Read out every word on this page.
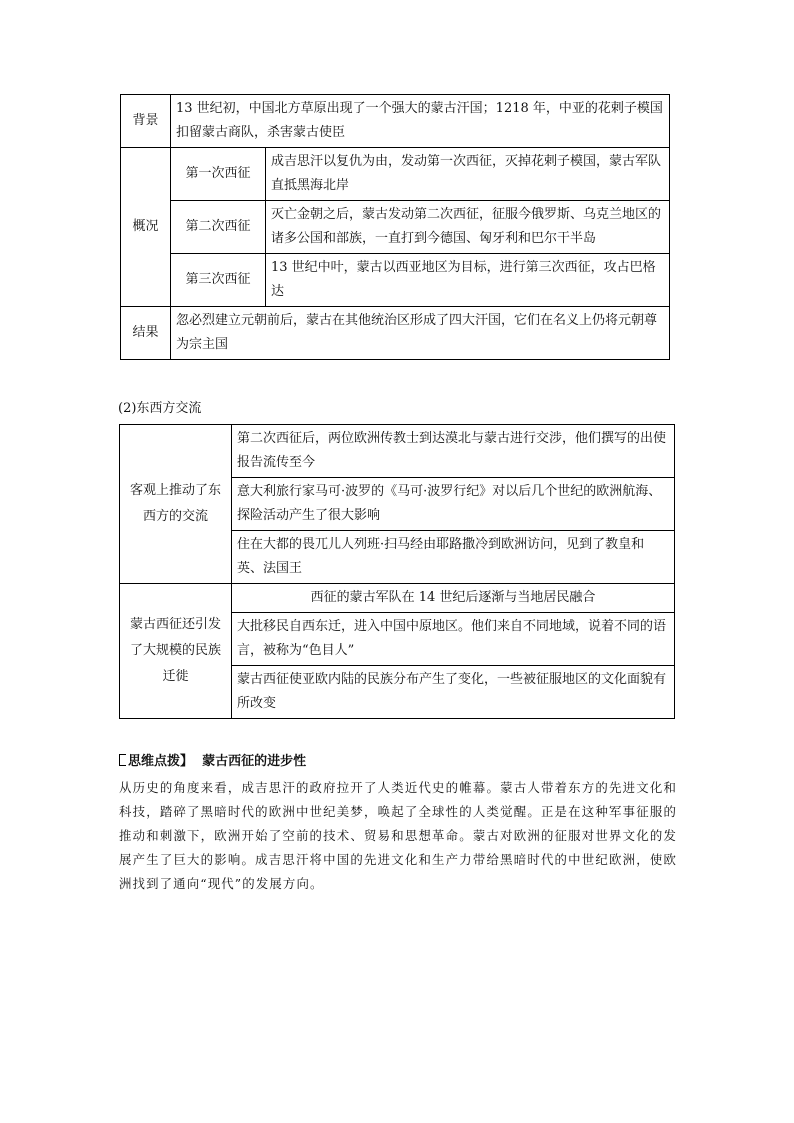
背景	13 世纪初，中国北方草原出现了一个强大的蒙古汗国；1218 年，中亚的花剌子模国扣留蒙古商队，杀害蒙古使臣	
概况	第一次西征	成吉思汗以复仇为由，发动第一次西征，灭掉花剌子模国，蒙古军队直抵黑海北岸
	第二次西征	灭亡金朝之后，蒙古发动第二次西征，征服今俄罗斯、乌克兰地区的诸多公国和部族，一直打到今德国、匈牙利和巴尔干半岛
	第三次西征	13 世纪中叶，蒙古以西亚地区为目标，进行第三次西征，攻占巴格达
结果	忽必烈建立元朝前后，蒙古在其他统治区形成了四大汗国，它们在名义上仍将元朝尊为宗主国	
(2)东西方交流
客观上推动了东西方的交流	第二次西征后，两位欧洲传教士到达漠北与蒙古进行交涉，他们撰写的出使报告流传至今
	意大利旅行家马可·波罗的《马可·波罗行纪》对以后几个世纪的欧洲航海、探险活动产生了很大影响
	住在大都的畏兀儿人列班·扫马经由耶路撒冷到欧洲访问，见到了教皇和英、法国王
蒙古西征还引发了大规模的民族迁徙	西征的蒙古军队在 14 世纪后逐渐与当地居民融合
	大批移民自西东迁，进入中国中原地区。他们来自不同地域，说着不同的语言，被称为“色目人”
	蒙古西征使亚欧内陆的民族分布产生了变化，一些被征服地区的文化面貌有所改变
思维点拨】 蒙古西征的进步性
从历史的角度来看，成吉思汗的政府拉开了人类近代史的帷幕。蒙古人带着东方的先进文化和科技，踏碎了黑暗时代的欧洲中世纪美梦，唤起了全球性的人类觉醒。正是在这种军事征服的推动和刺激下，欧洲开始了空前的技术、贸易和思想革命。蒙古对欧洲的征服对世界文化的发展产生了巨大的影响。成吉思汗将中国的先进文化和生产力带给黑暗时代的中世纪欧洲，使欧洲找到了通向“现代”的发展方向。
